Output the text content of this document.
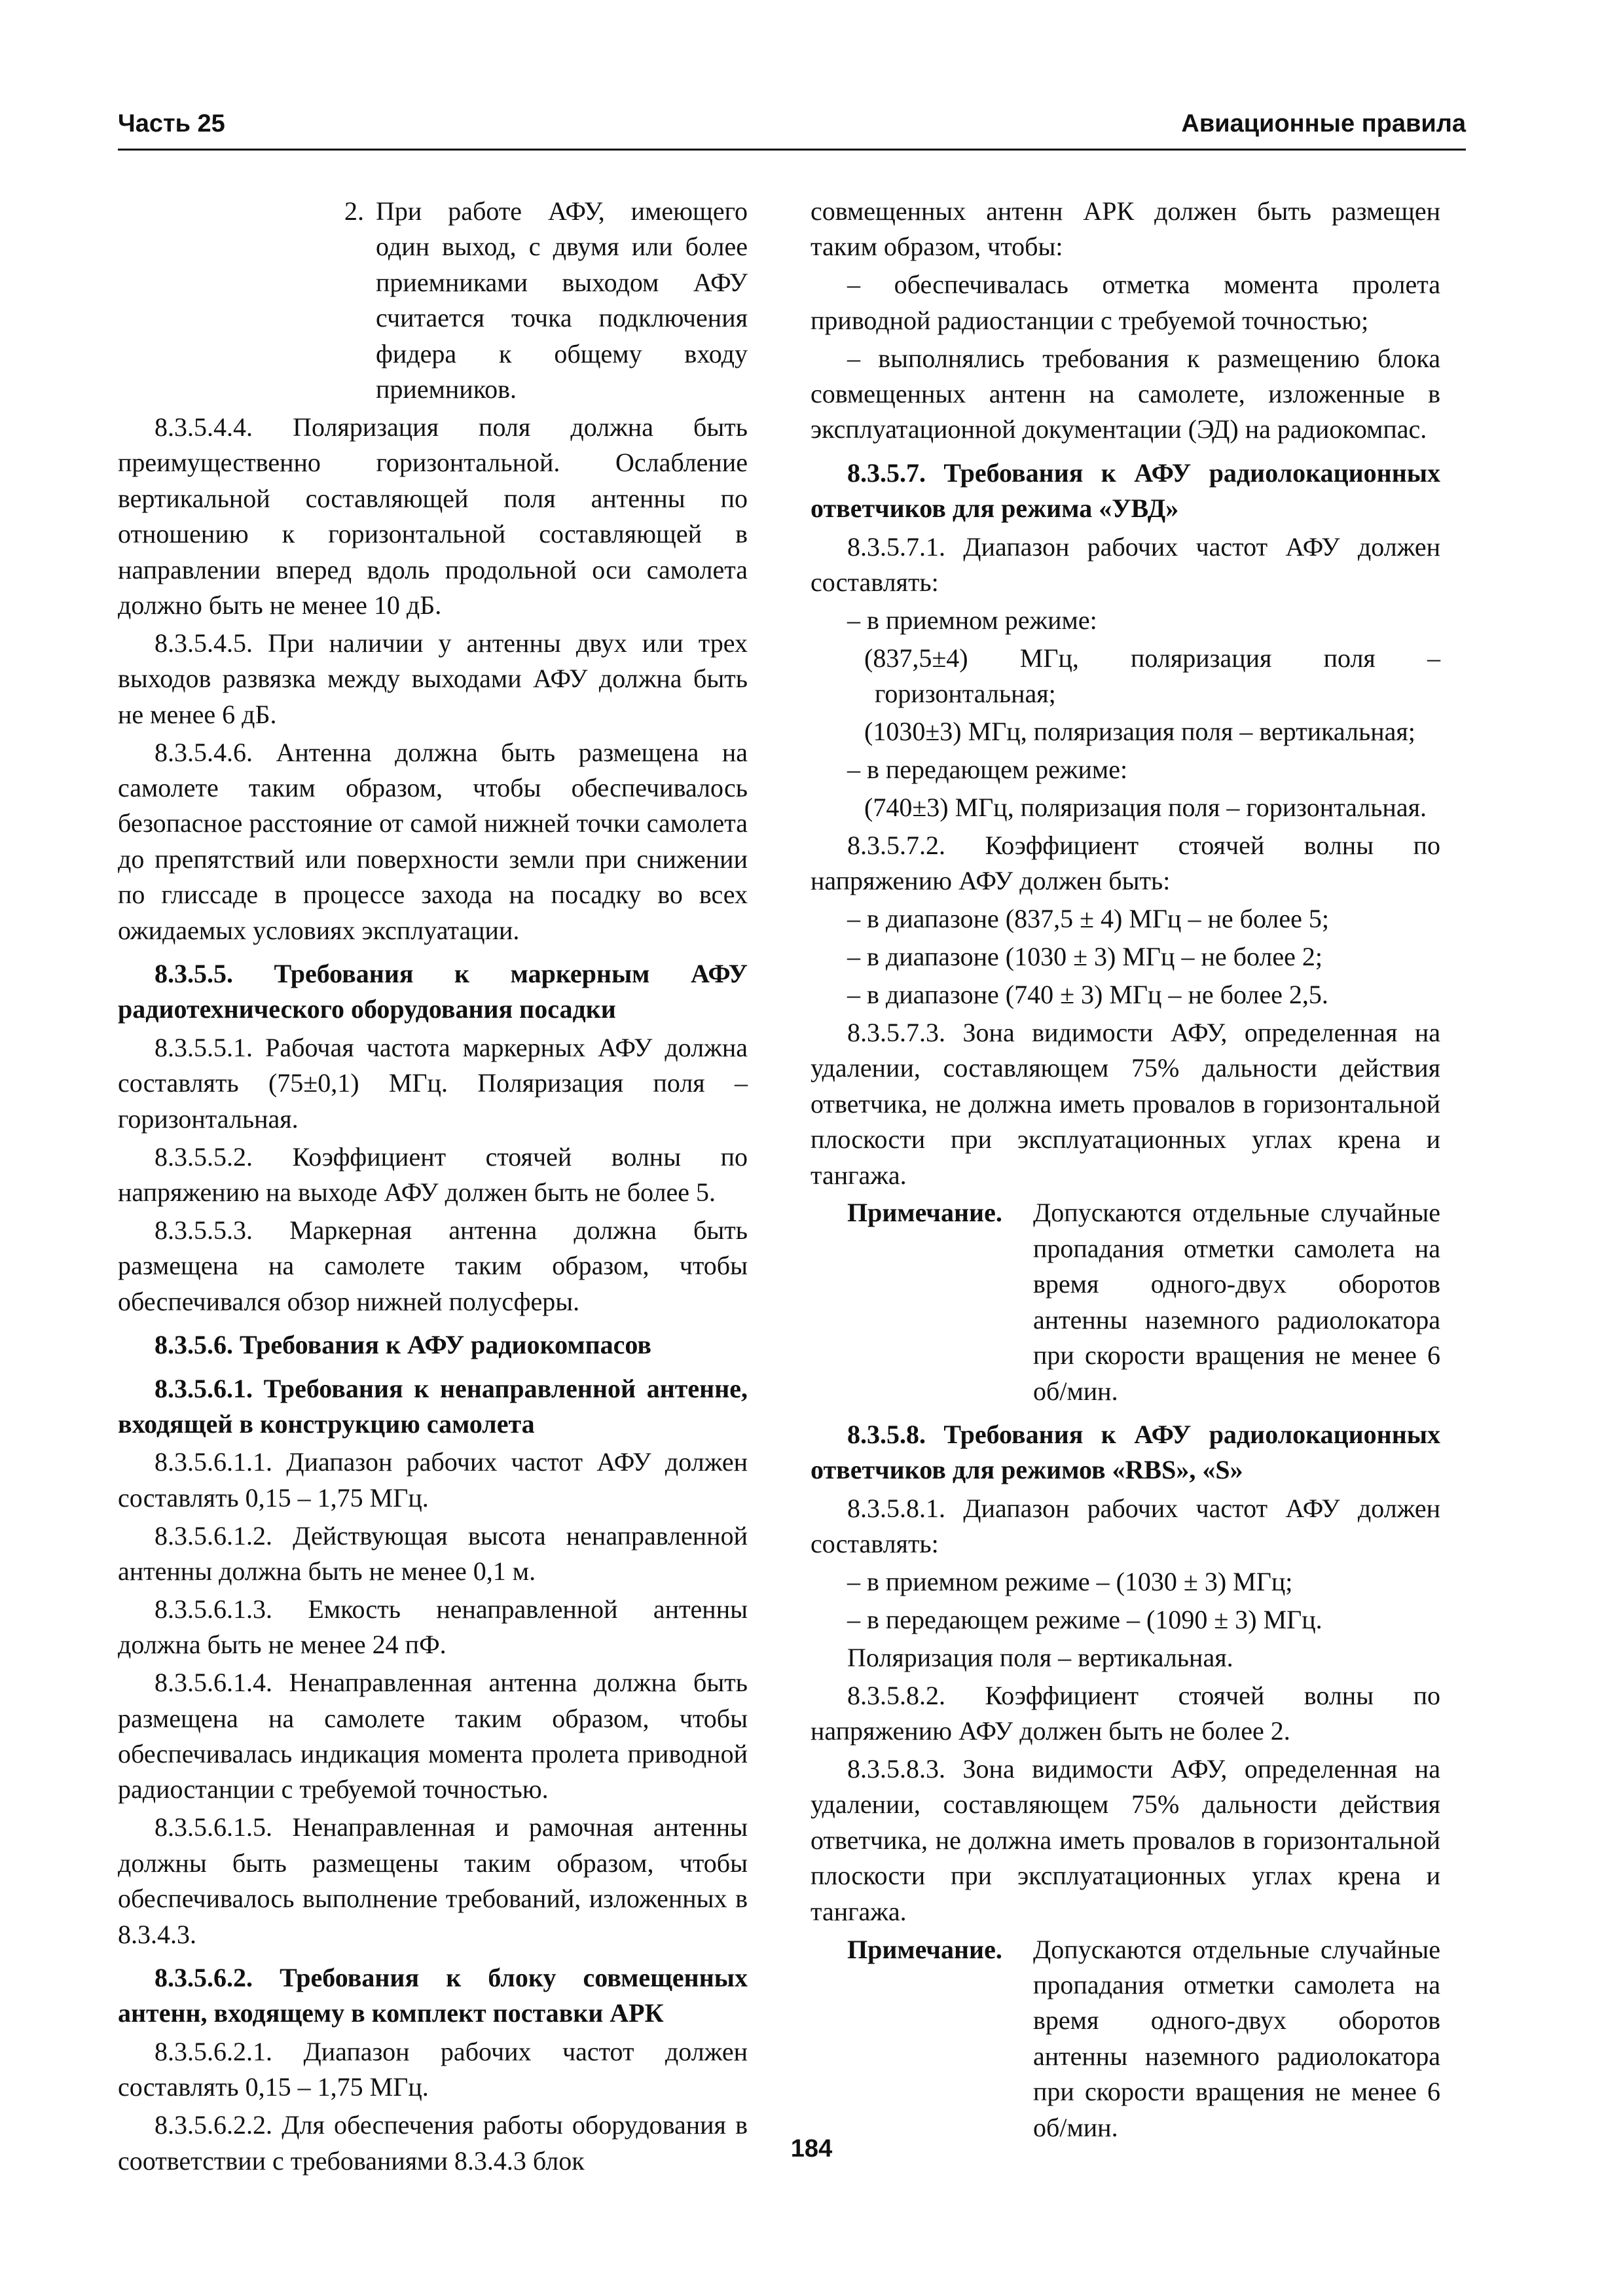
Часть 25	Авиационные правила
2. При работе АФУ, имеющего один выход, с двумя или более приемниками выходом АФУ считается точка подключения фидера к общему входу приемников.

8.3.5.4.4. Поляризация поля должна быть преимущественно горизонтальной. Ослабление вертикальной составляющей поля антенны по отношению к горизонтальной составляющей в направлении вперед вдоль продольной оси самолета должно быть не менее 10 дБ.

8.3.5.4.5. При наличии у антенны двух или трех выходов развязка между выходами АФУ должна быть не менее 6 дБ.

8.3.5.4.6. Антенна должна быть размещена на самолете таким образом, чтобы обеспечивалось безопасное расстояние от самой нижней точки самолета до препятствий или поверхности земли при снижении по глиссаде в процессе захода на посадку во всех ожидаемых условиях эксплуатации.

8.3.5.5. Требования к маркерным АФУ радиотехнического оборудования посадки

8.3.5.5.1. Рабочая частота маркерных АФУ должна составлять (75±0,1) МГц. Поляризация поля – горизонтальная.

8.3.5.5.2. Коэффициент стоячей волны по напряжению на выходе АФУ должен быть не более 5.

8.3.5.5.3. Маркерная антенна должна быть размещена на самолете таким образом, чтобы обеспечивался обзор нижней полусферы.

8.3.5.6. Требования к АФУ радиокомпасов

8.3.5.6.1. Требования к ненаправленной антенне, входящей в конструкцию самолета

8.3.5.6.1.1. Диапазон рабочих частот АФУ должен составлять 0,15 – 1,75 МГц.

8.3.5.6.1.2. Действующая высота ненаправленной антенны должна быть не менее 0,1 м.

8.3.5.6.1.3. Емкость ненаправленной антенны должна быть не менее 24 пФ.

8.3.5.6.1.4. Ненаправленная антенна должна быть размещена на самолете таким образом, чтобы обеспечивалась индикация момента пролета приводной радиостанции с требуемой точностью.

8.3.5.6.1.5. Ненаправленная и рамочная антенны должны быть размещены таким образом, чтобы обеспечивалось выполнение требований, изложенных в 8.3.4.3.

8.3.5.6.2. Требования к блоку совмещенных антенн, входящему в комплект поставки АРК

8.3.5.6.2.1. Диапазон рабочих частот должен составлять 0,15 – 1,75 МГц.

8.3.5.6.2.2. Для обеспечения работы оборудования в соответствии с требованиями 8.3.4.3 блок

совмещенных антенн АРК должен быть размещен таким образом, чтобы:

– обеспечивалась отметка момента пролета приводной радиостанции с требуемой точностью;

– выполнялись требования к размещению блока совмещенных антенн на самолете, изложенные в эксплуатационной документации (ЭД) на радиокомпас.

8.3.5.7. Требования к АФУ радиолокационных ответчиков для режима «УВД»

8.3.5.7.1. Диапазон рабочих частот АФУ должен составлять:

– в приемном режиме:

(837,5±4) МГц, поляризация поля – горизонтальная;

(1030±3) МГц, поляризация поля – вертикальная;

– в передающем режиме:

(740±3) МГц, поляризация поля – горизонтальная.

8.3.5.7.2. Коэффициент стоячей волны по напряжению АФУ должен быть:

– в диапазоне (837,5 ± 4) МГц – не более 5;

– в диапазоне (1030 ± 3) МГц – не более 2;

– в диапазоне (740 ± 3) МГц – не более 2,5.

8.3.5.7.3. Зона видимости АФУ, определенная на удалении, составляющем 75% дальности действия ответчика, не должна иметь провалов в горизонтальной плоскости при эксплуатационных углах крена и тангажа.

Примечание.	Допускаются отдельные случайные пропадания отметки самолета на время одного-двух оборотов антенны наземного радиолокатора при скорости вращения не менее 6 об/мин.

8.3.5.8. Требования к АФУ радиолокационных ответчиков для режимов «RBS», «S»

8.3.5.8.1. Диапазон рабочих частот АФУ должен составлять:

– в приемном режиме – (1030 ± 3) МГц;

– в передающем режиме – (1090 ± 3) МГц.

Поляризация поля – вертикальная.

8.3.5.8.2. Коэффициент стоячей волны по напряжению АФУ должен быть не более 2.

8.3.5.8.3. Зона видимости АФУ, определенная на удалении, составляющем 75% дальности действия ответчика, не должна иметь провалов в горизонтальной плоскости при эксплуатационных углах крена и тангажа.

Примечание.	Допускаются отдельные случайные пропадания отметки самолета на время одного-двух оборотов антенны наземного радиолокатора при скорости вращения не менее 6 об/мин.
184
